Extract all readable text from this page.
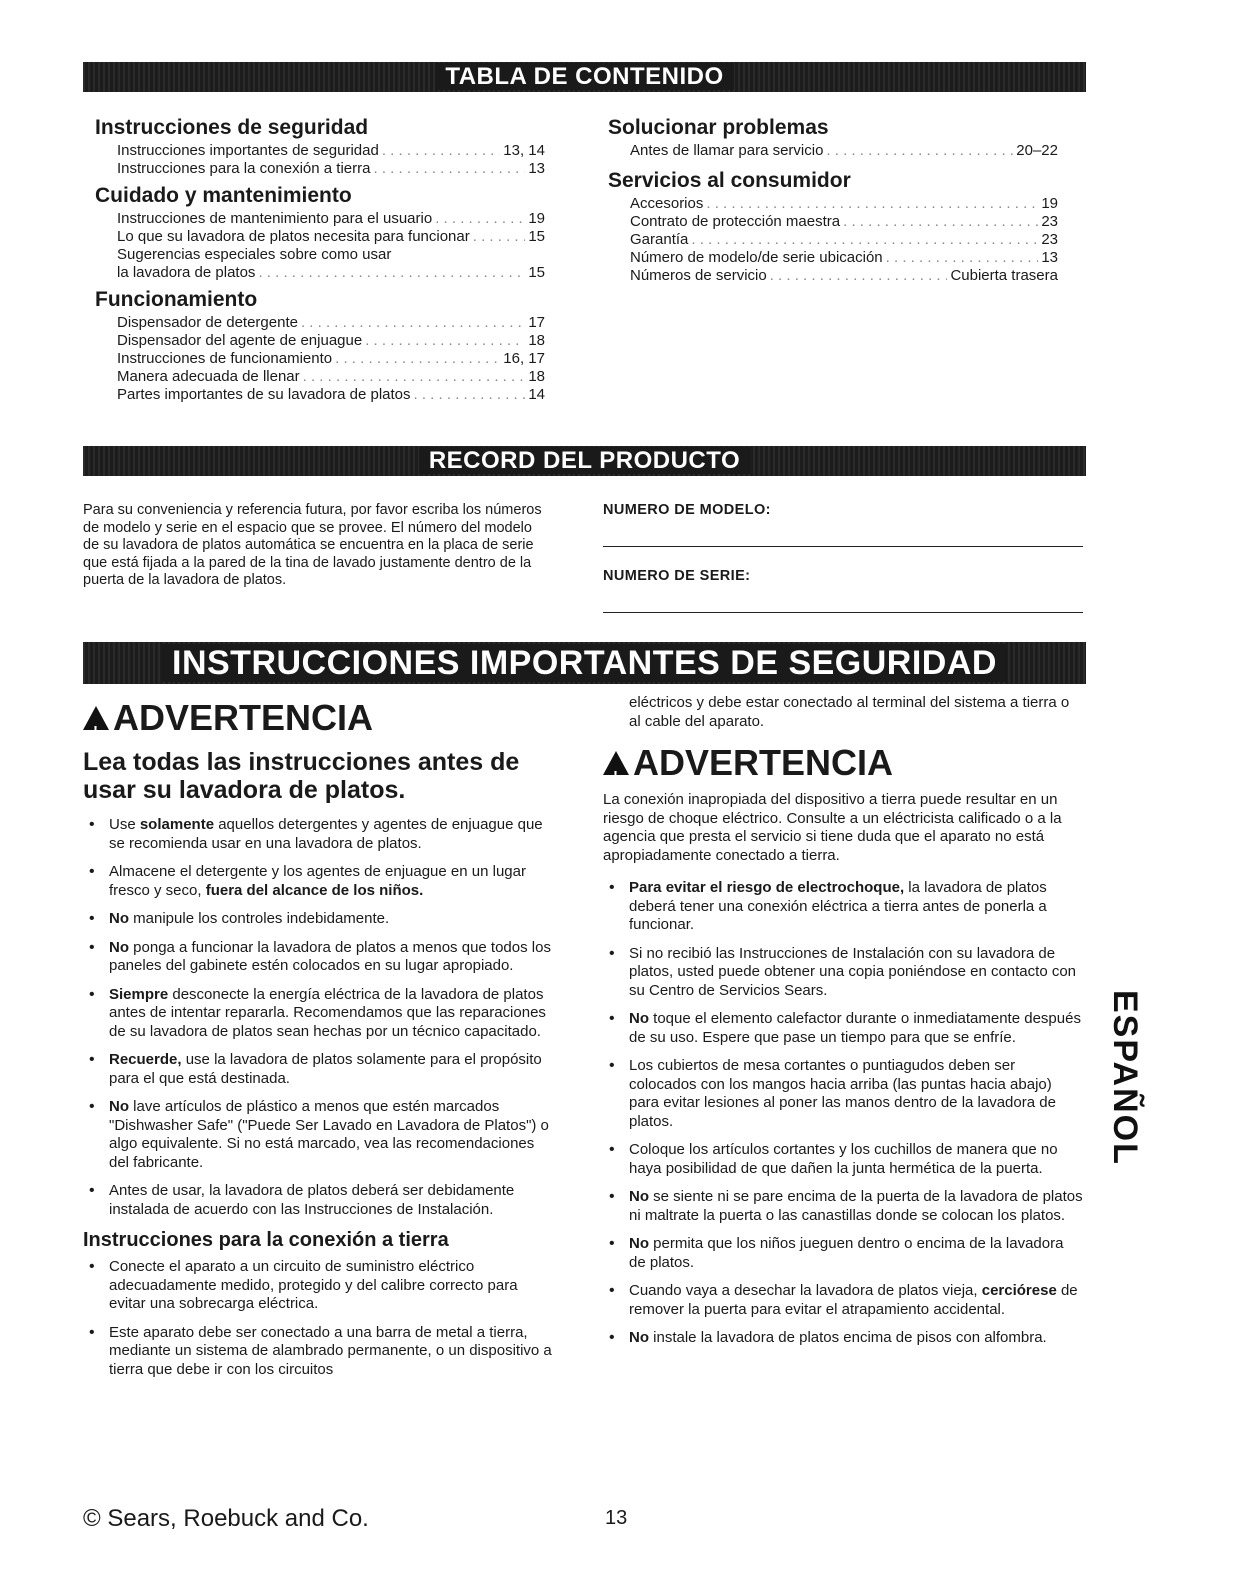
TABLA DE CONTENIDO
Instrucciones de seguridad
Instrucciones importantes de seguridad . . .	13, 14
Instrucciones para la conexión a tierra . . .	13
Cuidado y mantenimiento
Instrucciones de mantenimiento para el usuario . . .	19
Lo que su lavadora de platos necesita para funcionar . . .	15
Sugerencias especiales sobre como usar
la lavadora de platos . . .	15
Funcionamiento
Dispensador de detergente . . .	17
Dispensador del agente de enjuague . . .	18
Instrucciones de funcionamiento . . .	16, 17
Manera adecuada de llenar . . .	18
Partes importantes de su lavadora de platos . . .	14
Solucionar problemas
Antes de llamar para servicio . . .	20–22
Servicios al consumidor
Accesorios . . .	19
Contrato de protección maestra . . .	23
Garantía . . .	23
Número de modelo/de serie ubicación . . .	13
Números de servicio . . .	Cubierta trasera
RECORD DEL PRODUCTO
Para su conveniencia y referencia futura, por favor escriba los números de modelo y serie en el espacio que se provee. El número del modelo de su lavadora de platos automática se encuentra en la placa de serie que está fijada a la pared de la tina de lavado justamente dentro de la puerta de la lavadora de platos.
NUMERO DE MODELO:
NUMERO DE SERIE:
INSTRUCCIONES IMPORTANTES DE SEGURIDAD
!
ADVERTENCIA
Lea todas las instrucciones antes de usar su lavadora de platos.
• Use solamente aquellos detergentes y agentes de enjuague que se recomienda usar en una lavadora de platos.
• Almacene el detergente y los agentes de enjuague en un lugar fresco y seco, fuera del alcance de los niños.
• No manipule los controles indebidamente.
• No ponga a funcionar la lavadora de platos a menos que todos los paneles del gabinete estén colocados en su lugar apropiado.
• Siempre desconecte la energía eléctrica de la lavadora de platos antes de intentar repararla. Recomendamos que las reparaciones de su lavadora de platos sean hechas por un técnico capacitado.
• Recuerde, use la lavadora de platos solamente para el propósito para el que está destinada.
• No lave artículos de plástico a menos que estén marcados "Dishwasher Safe" ("Puede Ser Lavado en Lavadora de Platos") o algo equivalente. Si no está marcado, vea las recomendaciones del fabricante.
• Antes de usar, la lavadora de platos deberá ser debidamente instalada de acuerdo con las Instrucciones de Instalación.
Instrucciones para la conexión a tierra
• Conecte el aparato a un circuito de suministro eléctrico adecuadamente medido, protegido y del calibre correcto para evitar una sobrecarga eléctrica.
• Este aparato debe ser conectado a una barra de metal a tierra, mediante un sistema de alambrado permanente, o un dispositivo a tierra que debe ir con los circuitos
eléctricos y debe estar conectado al terminal del sistema a tierra o al cable del aparato.
!
ADVERTENCIA
La conexión inapropiada del dispositivo a tierra puede resultar en un riesgo de choque eléctrico. Consulte a un eléctricista calificado o a la agencia que presta el servicio si tiene duda que el aparato no está apropiadamente conectado a tierra.
• Para evitar el riesgo de electrochoque, la lavadora de platos deberá tener una conexión eléctrica a tierra antes de ponerla a funcionar.
• Si no recibió las Instrucciones de Instalación con su lavadora de platos, usted puede obtener una copia poniéndose en contacto con su Centro de Servicios Sears.
• No toque el elemento calefactor durante o inmediatamente después de su uso. Espere que pase un tiempo para que se enfríe.
• Los cubiertos de mesa cortantes o puntiagudos deben ser colocados con los mangos hacia arriba (las puntas hacia abajo) para evitar lesiones al poner las manos dentro de la lavadora de platos.
• Coloque los artículos cortantes y los cuchillos de manera que no haya posibilidad de que dañen la junta hermética de la puerta.
• No se siente ni se pare encima de la puerta de la lavadora de platos ni maltrate la puerta o las canastillas donde se colocan los platos.
• No permita que los niños jueguen dentro o encima de la lavadora de platos.
• Cuando vaya a desechar la lavadora de platos vieja, cerciórese de remover la puerta para evitar el atrapamiento accidental.
• No instale la lavadora de platos encima de pisos con alfombra.
ESPAÑOL
© Sears, Roebuck and Co.	13
